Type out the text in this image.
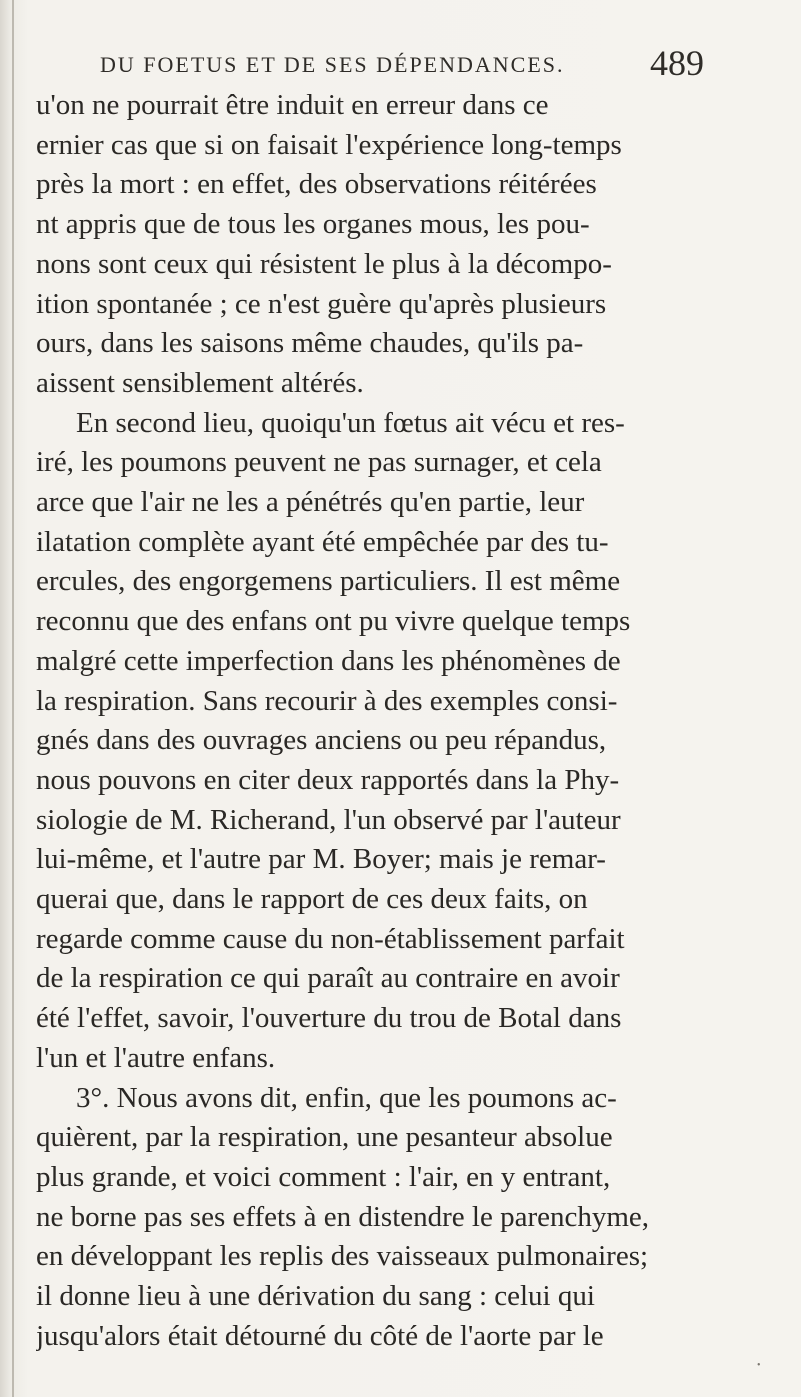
DU FOETUS ET DE SES DÉPENDANCES. 489
u'on ne pourrait être induit en erreur dans ce
ernier cas que si on faisait l'expérience long-temps
près la mort : en effet, des observations réitérées
nt appris que de tous les organes mous, les pou-
nons sont ceux qui résistent le plus à la décompo-
ition spontanée ; ce n'est guère qu'après plusieurs
ours, dans les saisons même chaudes, qu'ils pa-
aissent sensiblement altérés.
En second lieu, quoiqu'un fœtus ait vécu et res-
iré, les poumons peuvent ne pas surnager, et cela
arce que l'air ne les a pénétrés qu'en partie, leur
ilatation complète ayant été empêchée par des tu-
ercules, des engorgemens particuliers. Il est même
reconnu que des enfans ont pu vivre quelque temps
malgré cette imperfection dans les phénomènes de
la respiration. Sans recourir à des exemples consi-
gnés dans des ouvrages anciens ou peu répandus,
nous pouvons en citer deux rapportés dans la Phy-
siologie de M. Richerand, l'un observé par l'auteur
lui-même, et l'autre par M. Boyer; mais je remar-
querai que, dans le rapport de ces deux faits, on
regarde comme cause du non-établissement parfait
de la respiration ce qui paraît au contraire en avoir
été l'effet, savoir, l'ouverture du trou de Botal dans
l'un et l'autre enfans.
3°. Nous avons dit, enfin, que les poumons ac-
quièrent, par la respiration, une pesanteur absolue
plus grande, et voici comment : l'air, en y entrant,
ne borne pas ses effets à en distendre le parenchyme,
en développant les replis des vaisseaux pulmonaires;
il donne lieu à une dérivation du sang : celui qui
jusqu'alors était détourné du côté de l'aorte par le
•
